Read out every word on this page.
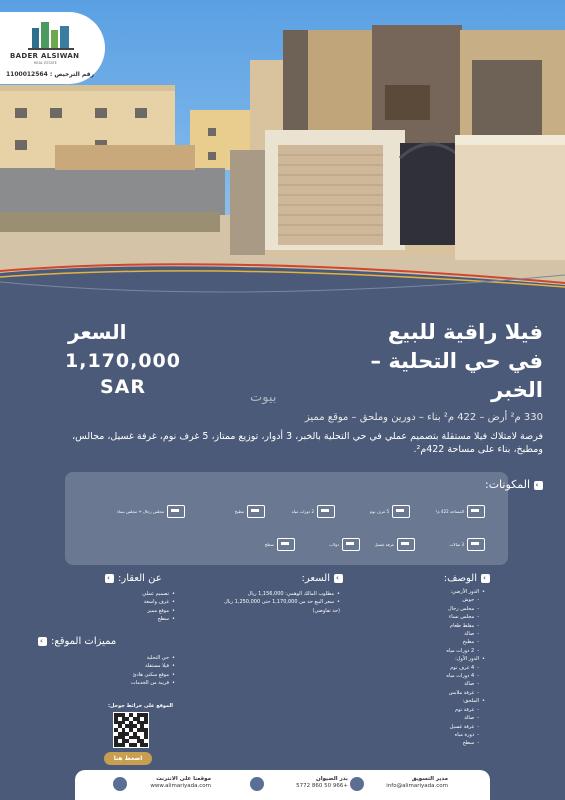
BADER ALSIWAN
REAL ESTATE
رقم الترخيص : 1100012564
فيلا راقية للبيع
في حي التحلية –
الخبر
السعر
1,170,000
SAR	بيوت
330 م² أرض – 422 م² بناء – دورين وملحق – موقع مميز
فرصة لامتلاك فيلا مستقلة بتصميم عملي في حي التحلية بالخبر، 3 أدوار، توزيع ممتاز، 5 غرف نوم، غرفة غسيل، مجالس، ومطبخ، بناء على مساحة 422م².
›المكونات:
المساحة 422 م²
5 غرف نوم
2 دورات مياه
مطبخ
مجلس رجال + مجلس نساء
3 صالات
غرفة غسيل
دولاب
سطح
›الوصف:
• الدور الأرضي:
- حوش
- مجلس رجال
- مجلس نساء
- مقلط طعام
- صالة
- مطبخ
- 2 دورات مياه
• الدور الأول:
- 4 غرف نوم
- 4 دورات مياه
- صالة
- غرفة ملابس
• الملحق:
- غرفة نوم
- صالة
- غرفة غسيل
- دورة مياه
- سطح
›السعر:
• مطلوب المالك الوهمي: 1,156,000 ريال
• سعر البيع حد من 1,170,000 حتى 1,250,000 ريال (حد تفاوضي)
عن العقار:›
• تصميم عملي
• غرف واسعة
• موقع مميز
• سطح
مميزات الموقع:›
• حي التحلية
• فيلا مستقلة
• موقع سكني هادئ
• قريبة من الخدمات
الموقع على خرائط جوجل:
اضغط هنا
موقعنا على الانترنت
www.alimariyada.com
بدر الصيوان
+966 50 860 5772
مدير التسويق
info@alimariyada.com
